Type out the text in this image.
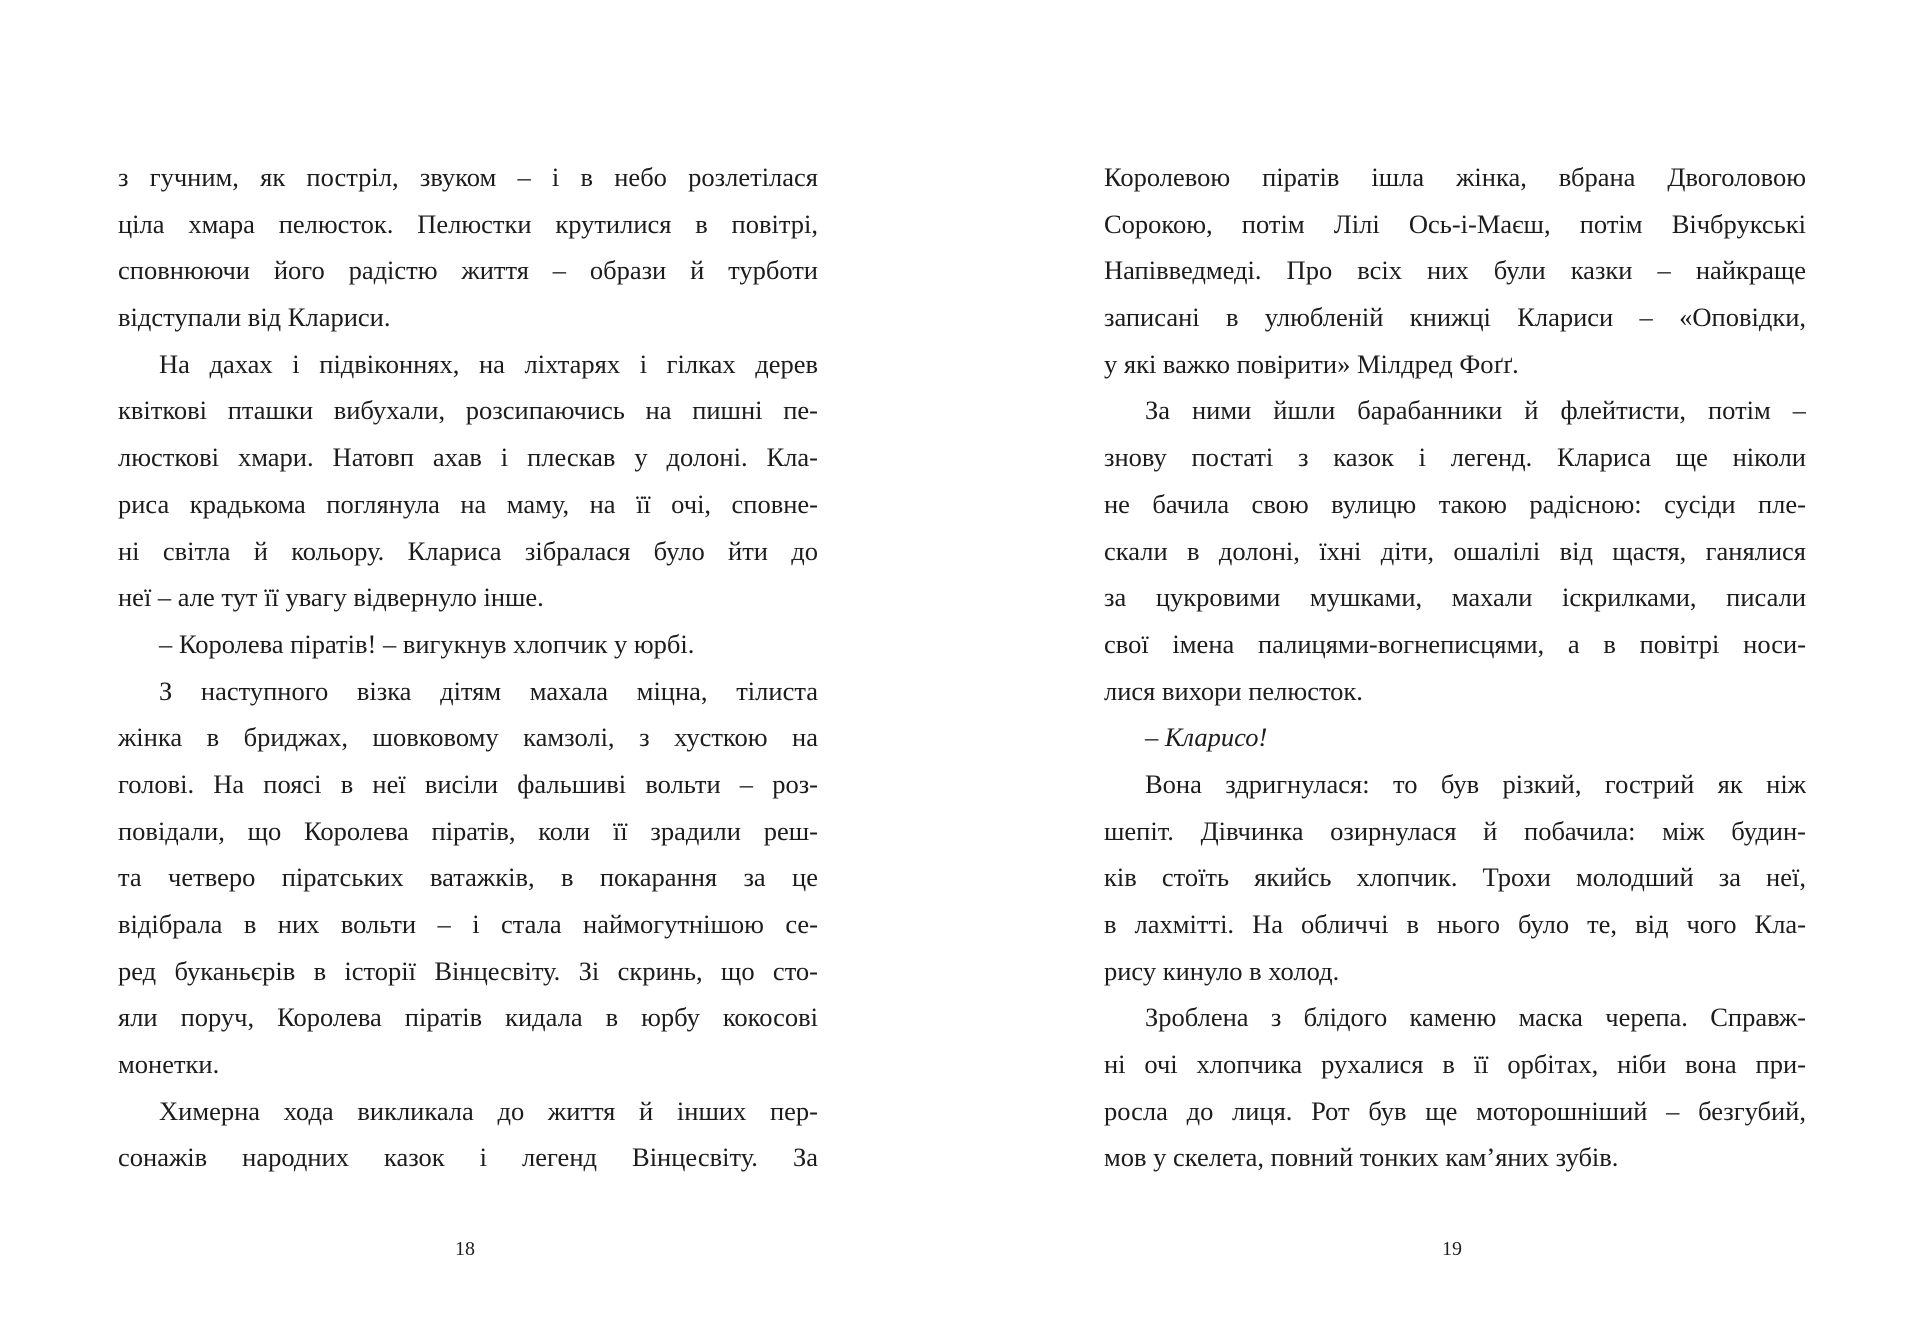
з гучним, як постріл, звуком – і в небо розлетілася
ціла хмара пелюсток. Пелюстки крутилися в повітрі,
сповнюючи його радістю життя – образи й турботи
відступали від Клариси.
На дахах і підвіконнях, на ліхтарях і гілках дерев
квіткові пташки вибухали, розсипаючись на пишні пе-
люсткові хмари. Натовп ахав і плескав у долоні. Кла-
риса крадькома поглянула на маму, на її очі, сповне-
ні світла й кольору. Клариса зібралася було йти до
неї – але тут її увагу відвернуло інше.
– Королева піратів! – вигукнув хлопчик у юрбі.
З наступного візка дітям махала міцна, тілиста
жінка в бриджах, шовковому камзолі, з хусткою на
голові. На поясі в неї висіли фальшиві вольти – роз-
повідали, що Королева піратів, коли її зрадили реш-
та четверо піратських ватажків, в покарання за це
відібрала в них вольти – і стала наймогутнішою се-
ред буканьєрів в історії Вінцесвіту. Зі скринь, що сто-
яли поруч, Королева піратів кидала в юрбу кокосові
монетки.
Химерна хода викликала до життя й інших пер-
сонажів народних казок і легенд Вінцесвіту. За
18
Королевою піратів ішла жінка, вбрана Двоголовою
Сорокою, потім Лілі Ось-і-Маєш, потім Вічбрукські
Напівведмеді. Про всіх них були казки – найкраще
записані в улюбленій книжці Клариси – «Оповідки,
у які важко повірити» Мілдред Фоґґ.
За ними йшли барабанники й флейтисти, потім –
знову постаті з казок і легенд. Клариса ще ніколи
не бачила свою вулицю такою радісною: сусіди пле-
скали в долоні, їхні діти, ошалілі від щастя, ганялися
за цукровими мушками, махали іскрилками, писали
свої імена палицями-вогнеписцями, а в повітрі носи-
лися вихори пелюсток.
– Кларисо!
Вона здригнулася: то був різкий, гострий як ніж
шепіт. Дівчинка озирнулася й побачила: між будин-
ків стоїть якийсь хлопчик. Трохи молодший за неї,
в лахмітті. На обличчі в нього було те, від чого Кла-
рису кинуло в холод.
Зроблена з блідого каменю маска черепа. Справж-
ні очі хлопчика рухалися в її орбітах, ніби вона при-
росла до лиця. Рот був ще моторошніший – безгубий,
мов у скелета, повний тонких кам’яних зубів.
19
